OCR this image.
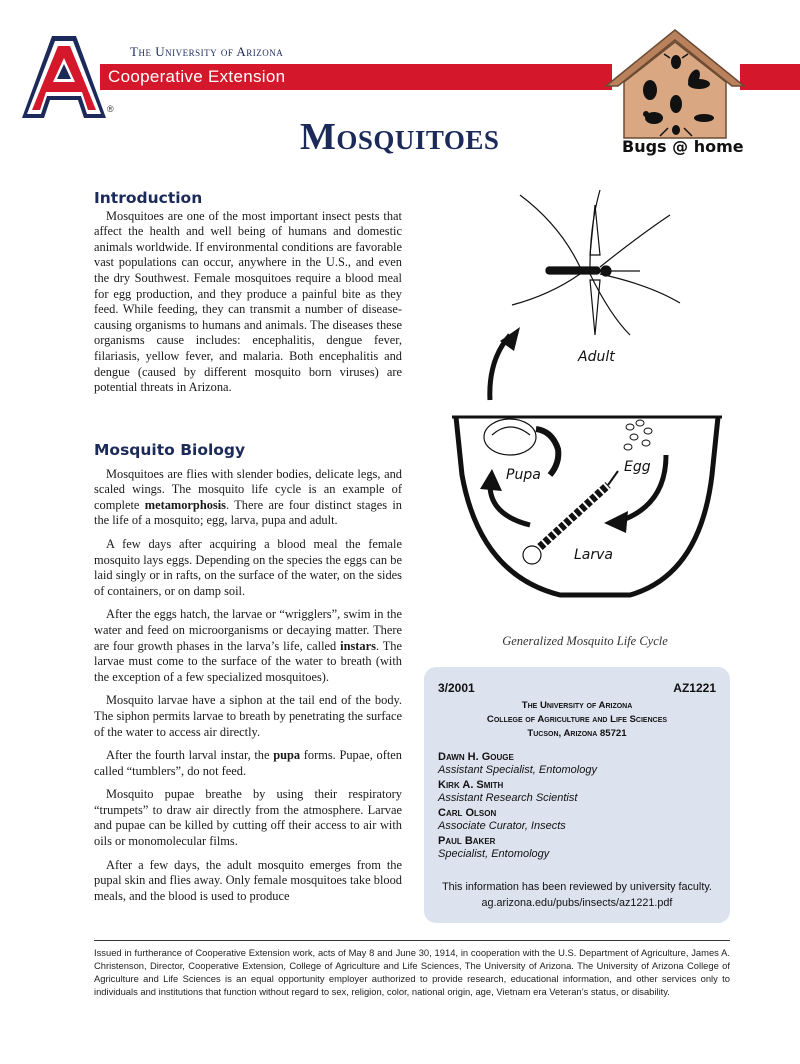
®
The University of Arizona
Cooperative Extension
Bugs @ home
Mosquitoes
Introduction

Mosquitoes are one of the most important insect pests that affect the health and well being of humans and domestic animals worldwide. If environmental conditions are favorable vast populations can occur, anywhere in the U.S., and even the dry Southwest. Female mosquitoes require a blood meal for egg production, and they produce a painful bite as they feed. While feeding, they can transmit a number of disease-causing organisms to humans and animals. The diseases these organisms cause includes: encephalitis, dengue fever, filariasis, yellow fever, and malaria. Both encephalitis and dengue (caused by different mosquito born viruses) are potential threats in Arizona.

Mosquito Biology

Mosquitoes are flies with slender bodies, delicate legs, and scaled wings. The mosquito life cycle is an example of complete metamorphosis. There are four distinct stages in the life of a mosquito; egg, larva, pupa and adult.

A few days after acquiring a blood meal the female mosquito lays eggs. Depending on the species the eggs can be laid singly or in rafts, on the surface of the water, on the sides of containers, or on damp soil.

After the eggs hatch, the larvae or “wrigglers”, swim in the water and feed on microorganisms or decaying matter. There are four growth phases in the larva’s life, called instars. The larvae must come to the surface of the water to breath (with the exception of a few specialized mosquitoes).

Mosquito larvae have a siphon at the tail end of the body. The siphon permits larvae to breath by penetrating the surface of the water to access air directly.

After the fourth larval instar, the pupa forms. Pupae, often called “tumblers”, do not feed.

Mosquito pupae breathe by using their respiratory “trumpets” to draw air directly from the atmosphere. Larvae and pupae can be killed by cutting off their access to air with oils or monomolecular films.

After a few days, the adult mosquito emerges from the pupal skin and flies away. Only female mosquitoes take blood meals, and the blood is used to produce

Adult
Pupa	Egg
Larva
Generalized Mosquito Life Cycle
3/2001	AZ1221
The University of Arizona
College of Agriculture and Life Sciences
Tucson, Arizona 85721
Dawn H. Gouge
Assistant Specialist, Entomology
Kirk A. Smith
Assistant Research Scientist
Carl Olson
Associate Curator, Insects
Paul Baker
Specialist, Entomology
This information has been reviewed by university faculty.
ag.arizona.edu/pubs/insects/az1221.pdf
Issued in furtherance of Cooperative Extension work, acts of May 8 and June 30, 1914, in cooperation with the U.S. Department of Agriculture, James A. Christenson, Director, Cooperative Extension, College of Agriculture and Life Sciences, The University of Arizona. The University of Arizona College of Agriculture and Life Sciences is an equal opportunity employer authorized to provide research, educational information, and other services only to individuals and institutions that function without regard to sex, religion, color, national origin, age, Vietnam era Veteran’s status, or disability.
